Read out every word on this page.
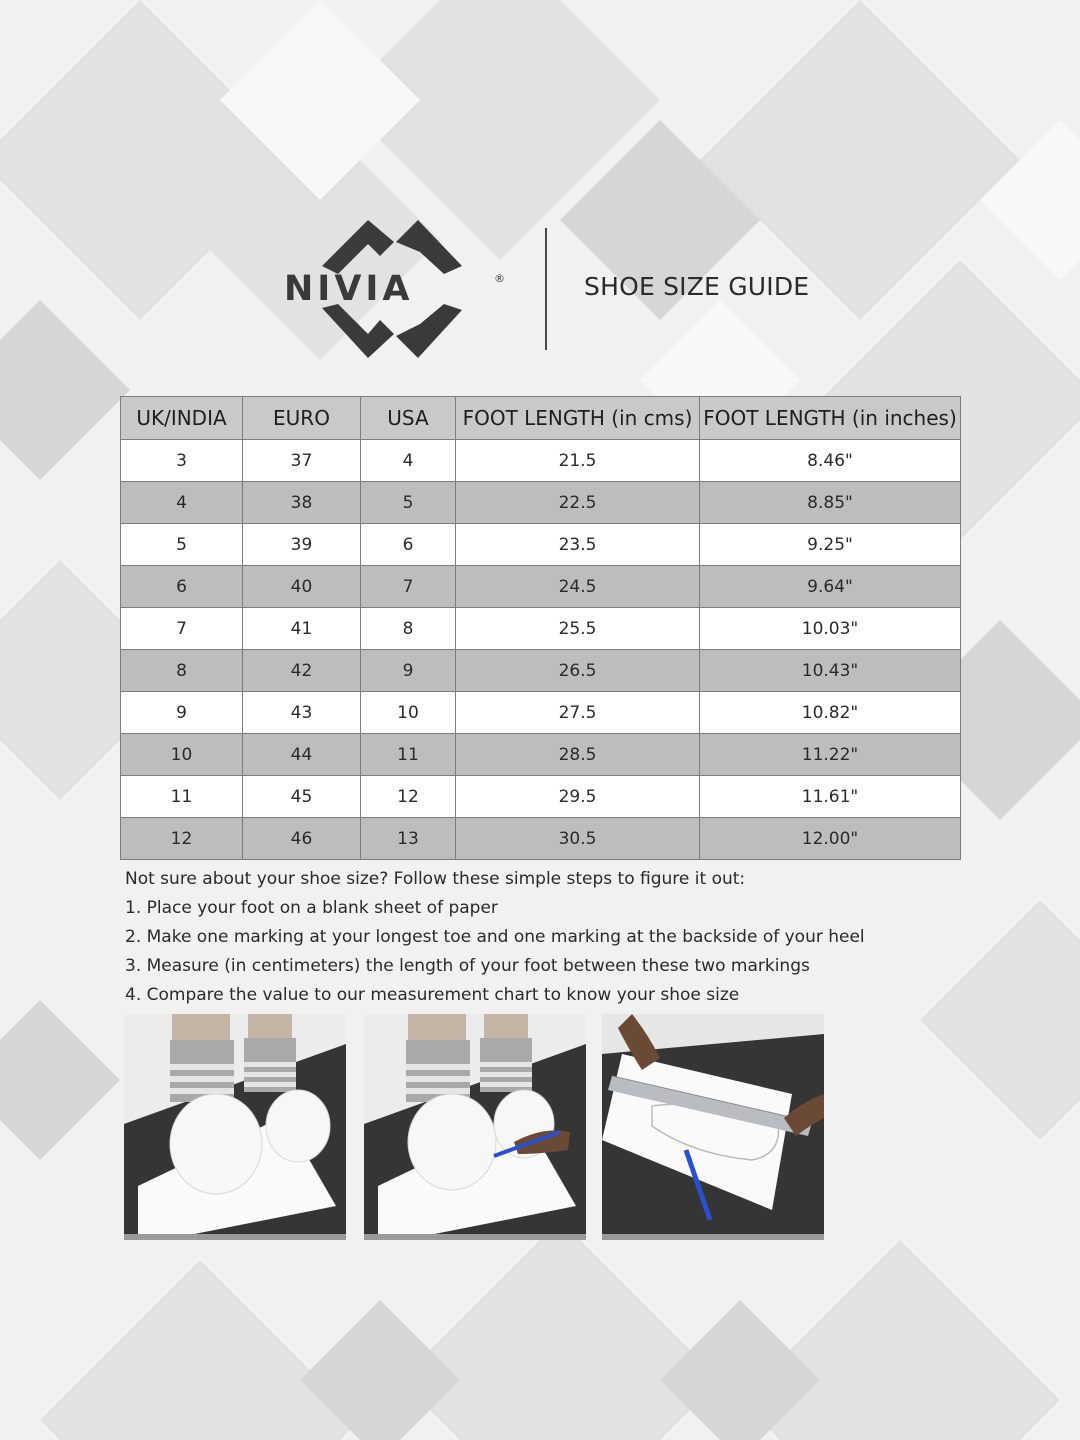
NIVIA	®	SHOE SIZE GUIDE
UK/INDIA	EURO	USA	FOOT LENGTH (in cms)	FOOT LENGTH (in inches)
3	37	4	21.5	8.46"
4	38	5	22.5	8.85"
5	39	6	23.5	9.25"
6	40	7	24.5	9.64"
7	41	8	25.5	10.03"
8	42	9	26.5	10.43"
9	43	10	27.5	10.82"
10	44	11	28.5	11.22"
11	45	12	29.5	11.61"
12	46	13	30.5	12.00"
Not sure about your shoe size? Follow these simple steps to figure it out:
1. Place your foot on a blank sheet of paper
2. Make one marking at your longest toe and one marking at the backside of your heel
3. Measure (in centimeters) the length of your foot between these two markings
4. Compare the value to our measurement chart to know your shoe size
